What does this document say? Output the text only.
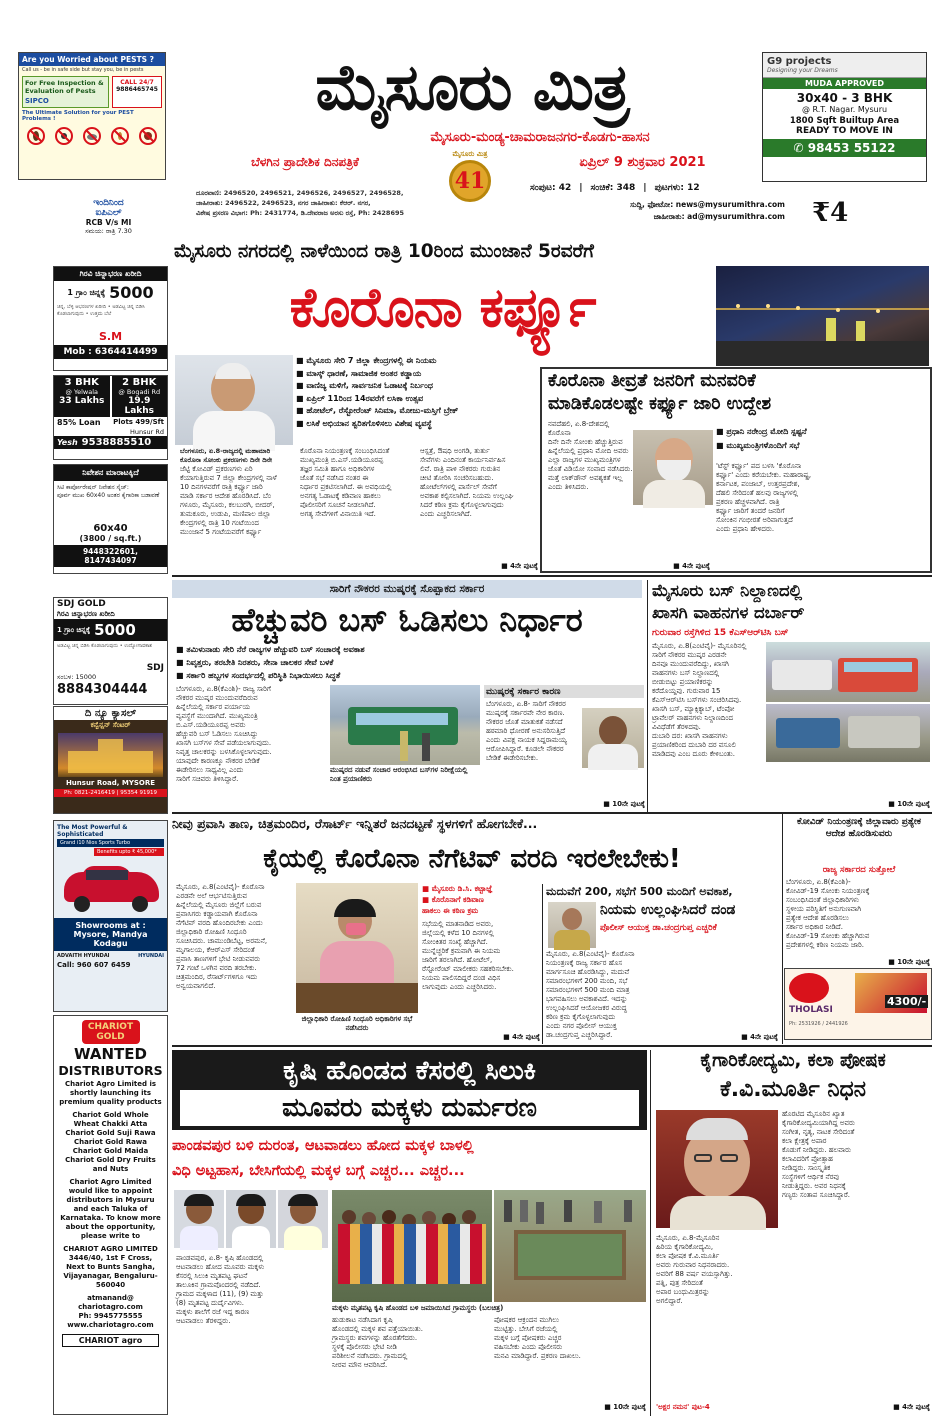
Are you Worried about PESTS ?
Call us - be in safe side but stay you, be in pests
For Free Inspection &
Evaluation of Pests
SIPCO
CALL 24/7
9886465745
The Ultimate Solution for your PEST Problems !	ಮೈಸೂರು ಮಿತ್ರ
ಮೈಸೂರು-ಮಂಡ್ಯ-ಚಾಮರಾಜನಗರ-ಕೊಡಗು-ಹಾಸನ
ಬೆಳಗಿನ ಪ್ರಾದೇಶಿಕ ದಿನಪತ್ರಿಕೆ	ಏಪ್ರಿಲ್ 9 ಶುಕ್ರವಾರ 2021
ಮೈಸೂರು ಮಿತ್ರ
41
G9 projects
Designing your Dreams
MUDA APPROVED
30x40 - 3 BHK
@ R.T. Nagar. Mysuru
1800 Sqft Builtup Area
READY TO MOVE IN
✆ 98453 55122
ದೂರವಾಣಿ: 2496520, 2496521, 2496526, 2496527, 2496528,
ಜಾಹೀರಾತು: 2496522, 2496523, ನಗರ ಜಾಹೀರಾತು: ಕೆಆರ್. ನಗರ,
ವಿಶೇಷ ಪ್ರಸರಣ ವಿಭಾಗ: Ph: 2431774, ಡಿ.ದೇವರಾಜ ಅರಸು ರಸ್ತೆ, Ph: 2428695
ಸಂಪುಟ: 42 | ಸಂಚಿಕೆ: 348 | ಪುಟಗಳು: 12
ಸುದ್ದಿ, ಫೋಟೋ: news@mysurumithra.com
ಜಾಹೀರಾತು: ad@mysurumithra.com ₹4
ಇಂದಿನಿಂದ
ಐಪಿಎಲ್
RCB V/s MI
ಸಮಯ: ರಾತ್ರಿ 7.30
ಗಿರವಿ ಚಿನ್ನಾಭರಣ ಖರೀದಿ
1 ಗ್ರಾಂ ಚಿನ್ನಕ್ಕೆ 5000
ಚಿನ್ನ, ಬೆಳ್ಳಿ ಆಭರಣಗಳ ಖರೀದಿ • ಅಡವಿಟ್ಟ ಚಿನ್ನ ಬಿಡಿಸಿ ಕೊಡಲಾಗುವುದು • ಉತ್ತಮ ಬೆಲೆ
S.M
Mob : 6364414499
3 BHK
@ Yelwala
33 Lakhs
2 BHK
@ Bogadi Rd
19.9 Lakhs
85% Loan Plots 499/Sft
Hunsur Rd
Yesh 9538885510
ನಿವೇಶನ ಮಾರಾಟಕ್ಕಿದೆ
ಸಿಟಿ ಕಾರ್ಪೋರೇಷನ್ ನಿವೇಶನ ಸೈಜ್:
ಪೂರ್ವ ಮುಖ 60x40 ಅಂತರ ಕೈಗಾರಿಕಾ ಬಡಾವಣೆ
60x40
(3800 / sq.ft.)
9448322601, 8147434097
SDJ GOLD
ಗಿರವಿ ಚಿನ್ನಾಭರಣ ಖರೀದಿ
1 ಗ್ರಾಂ ಚಿನ್ನಕ್ಕೆ 5000
ಅಡವಿಟ್ಟ ಚಿನ್ನ ಬಿಡಿಸಿ ಕೊಡಲಾಗುವುದು • ಉದ್ಯೋಗಾವಕಾಶ
SDJ
ಸಂಬಳ: 15000
8884304444
ದಿ ನ್ಯೂ ಕ್ಯಾಸಲ್
ಕನ್ವೆನ್ಷನ್ ಸೆಂಟರ್
Hunsur Road, MYSORE
Ph: 0821-2416419 | 95354 91919
The Most Powerful &
Sophisticated
Grand i10 Nios Sports Turbo
Benefits upto ₹ 45,000*
Showrooms at :
Mysore, Mandya
Kodagu
ADVAITH HYUNDAI	HYUNDAI
Call: 960 607 6459
CHARIOT
GOLD
WANTED
DISTRIBUTORS
Chariot Agro Limited is shortly launching its premium quality products
Chariot Gold Whole
Wheat Chakki Atta
Chariot Gold Suji Rawa
Chariot Gold Rawa
Chariot Gold Maida
Chariot Gold Dry Fruits
and Nuts
Chariot Agro Limited would like to appoint distributors in Mysuru and each Taluka of Karnataka. To know more about the opportunity, please write to
CHARIOT AGRO LIMITED
3446/40, 1st F Cross,
Next to Bunts Sangha,
Vijayanagar, Bengaluru-
560040
atmanand@
chariotagro.com
Ph: 9945775555
www.chariotagro.com
CHARIOT agro
ಮೈಸೂರು ನಗರದಲ್ಲಿ ನಾಳೆಯಿಂದ ರಾತ್ರಿ 10ರಿಂದ ಮುಂಜಾನೆ 5ರವರೆಗೆ
ಕೊರೊನಾ ಕರ್ಫ್ಯೂ
■ ಮೈಸೂರು ಸೇರಿ 7 ಜಿಲ್ಲಾ ಕೇಂದ್ರಗಳಲ್ಲಿ ಈ ನಿಯಮ
■ ಮಾಸ್ಕ್ ಧಾರಣೆ, ಸಾಮಾಜಿಕ ಅಂತರ ಕಡ್ಡಾಯ
■ ವಾಣಿಜ್ಯ ಮಳಿಗೆ, ಸಾರ್ವಜನಿಕ ಓಡಾಟಕ್ಕೆ ನಿರ್ಬಂಧ
■ ಏಪ್ರಿಲ್ 11ರಿಂದ 14ರವರೆಗೆ ಲಸಿಕಾ ಉತ್ಸವ
■ ಹೋಟೆಲ್, ರೆಸ್ಟೋರೆಂಟ್ ಸಿನಿಮಾ, ಮೋಜು-ಮಸ್ತಿಗೆ ಬ್ರೇಕ್
■ ಲಸಿಕೆ ಅಭಿಯಾನ ತ್ವರಿತಗೊಳಿಸಲು ವಿಶೇಷ ವ್ಯವಸ್ಥೆ
ಬೆಂಗಳೂರು, ಏ.8-ರಾಜ್ಯದಲ್ಲಿ ಮಹಾಮಾರಿ
ಕೊರೊನಾ ಸೋಂಕು ಪ್ರಕರಣಗಳು ದಿನೇ ದಿನೇ
ಜೆಟ್ಟಿ ಕೋವಿಡ್ ಪ್ರಕರಣಗಳು ಏರಿ
ಕೆಯಾಗುತ್ತಿರುವ 7 ಜಿಲ್ಲಾ ಕೇಂದ್ರಗಳಲ್ಲಿ ನಾಳೆ
10 ದಿನಗಳವರೆಗೆ ರಾತ್ರಿ ಕರ್ಫ್ಯೂ ಜಾರಿ
ಮಾಡಿ ಸರ್ಕಾರ ಆದೇಶ ಹೊರಡಿಸಿದೆ. ಬೆಂ
ಗಳೂರು, ಮೈಸೂರು, ಕಲಬುರಗಿ, ಬೀದರ್,
ತುಮಕೂರು, ಉಡುಪಿ, ಮಣಿಪಾಲ ಜಿಲ್ಲಾ
ಕೇಂದ್ರಗಳಲ್ಲಿ ರಾತ್ರಿ 10 ಗಂಟೆಯಿಂದ
ಮುಂಜಾನೆ 5 ಗಂಟೆಯವರೆಗೆ ಕರ್ಫ್ಯೂ
ಕೊರೊನಾ ನಿಯಂತ್ರಣಕ್ಕೆ ಸಂಬಂಧಿಸಿದಂತೆ
ಮುಖ್ಯಮಂತ್ರಿ ಬಿ.ಎಸ್.ಯಡಿಯೂರಪ್ಪ
ತಜ್ಞರ ಸಮಿತಿ ಹಾಗೂ ಅಧಿಕಾರಿಗಳ
ಜೊತೆ ಸಭೆ ನಡೆಸಿದ ನಂತರ ಈ
ನಿರ್ಧಾರ ಪ್ರಕಟಿಸಲಾಗಿದೆ. ಈ ಅವಧಿಯಲ್ಲಿ
ಅನಗತ್ಯ ಓಡಾಟಕ್ಕೆ ಕಡಿವಾಣ ಹಾಕಲು
ಪೊಲೀಸರಿಗೆ ಸೂಚನೆ ನೀಡಲಾಗಿದೆ.
ಅಗತ್ಯ ಸೇವೆಗಳಿಗೆ ವಿನಾಯಿತಿ ಇದೆ.
ಆಸ್ಪತ್ರೆ, ಔಷಧಿ ಅಂಗಡಿ, ತುರ್ತು
ಸೇವೆಗಳು ಎಂದಿನಂತೆ ಕಾರ್ಯನಿರ್ವಹಿಸ
ಲಿವೆ. ರಾತ್ರಿ ಪಾಳಿ ನೌಕರರು ಗುರುತಿನ
ಚೀಟಿ ತೋರಿಸಿ ಸಂಚರಿಸಬಹುದು.
ಹೋಟೆಲ್‌ಗಳಲ್ಲಿ ಪಾರ್ಸೆಲ್ ಸೇವೆಗೆ
ಅವಕಾಶ ಕಲ್ಪಿಸಲಾಗಿದೆ. ನಿಯಮ ಉಲ್ಲಂಘಿ
ಸಿದರೆ ಕಠಿಣ ಕ್ರಮ ಕೈಗೊಳ್ಳಲಾಗುವುದು
ಎಂದು ಎಚ್ಚರಿಸಲಾಗಿದೆ.
■ 4ನೇ ಪುಟಕ್ಕೆ
ಕೊರೊನಾ ತೀವ್ರತೆ ಜನರಿಗೆ ಮನವರಿಕೆ
ಮಾಡಿಕೊಡಲಷ್ಟೇ ಕರ್ಫ್ಯೂ ಜಾರಿ ಉದ್ದೇಶ
ನವದೆಹಲಿ, ಏ.8-ದೇಶದಲ್ಲಿ ಕೊರೊನಾ
ದಿನೇ ದಿನೇ ಸೋಂಕು ಹೆಚ್ಚುತ್ತಿರುವ
ಹಿನ್ನೆಲೆಯಲ್ಲಿ ಪ್ರಧಾನಿ ಮೋದಿ ಅವರು
ಎಲ್ಲಾ ರಾಜ್ಯಗಳ ಮುಖ್ಯಮಂತ್ರಿಗಳ
ಜೊತೆ ವಿಡಿಯೋ ಸಂವಾದ ನಡೆಸಿದರು.
ಮತ್ತೆ ಲಾಕ್‌ಡೌನ್ ಅವಶ್ಯಕತೆ ಇಲ್ಲ
ಎಂದು ತಿಳಿಸಿದರು.
■ ಪ್ರಧಾನಿ ನರೇಂದ್ರ ಮೋದಿ ಸ್ಪಷ್ಟನೆ
■ ಮುಖ್ಯಮಂತ್ರಿಗಳೊಂದಿಗೆ ಸಭೆ
'ಟೆಸ್ಟ್ ಕರ್ಫ್ಯೂ' ಪದ ಬಳಸಿ 'ಕೊರೊನಾ
ಕರ್ಫ್ಯೂ' ಎಂದು ಕರೆಯಬೇಕು. ಮಹಾರಾಷ್ಟ್ರ,
ಕರ್ನಾಟಕ, ಪಂಜಾಬ್, ಉತ್ತರಪ್ರದೇಶ,
ದೆಹಲಿ ಸೇರಿದಂತೆ ಹಲವು ರಾಜ್ಯಗಳಲ್ಲಿ
ಪ್ರಕರಣ ಹೆಚ್ಚಳವಾಗಿದೆ. ರಾತ್ರಿ
ಕರ್ಫ್ಯೂ ಜಾರಿಗೆ ತಂದರೆ ಜನರಿಗೆ
ಸೋಂಕಿನ ಗಂಭೀರತೆ ಅರಿವಾಗುತ್ತದೆ
ಎಂದು ಪ್ರಧಾನಿ ಹೇಳಿದರು.
■ 4ನೇ ಪುಟಕ್ಕೆ
ಸಾರಿಗೆ ನೌಕರರ ಮುಷ್ಕರಕ್ಕೆ ಸೊಪ್ಪಾಕದ ಸರ್ಕಾರ
ಹೆಚ್ಚುವರಿ ಬಸ್ ಓಡಿಸಲು ನಿರ್ಧಾರ
■ ತಮಿಳುನಾಡು ಸೇರಿ ನೆರೆ ರಾಜ್ಯಗಳ ಹೆಚ್ಚುವರಿ ಬಸ್ ಸಂಚಾರಕ್ಕೆ ಅವಕಾಶ
■ ನಿವೃತ್ತರು, ತರಬೇತಿ ನಿರತರು, ಸೇನಾ ಚಾಲಕರ ಸೇವೆ ಬಳಕೆ
■ ಸರ್ಕಾರಿ ಹಬ್ಬಗಳ ಸಂದರ್ಭದಲ್ಲಿ ಪರಿಸ್ಥಿತಿ ನಿಭಾಯಿಸಲು ಸಿದ್ಧತೆ
ಬೆಂಗಳೂರು, ಏ.8(ಕೆಎಂಶಿ)- ರಾಜ್ಯ ಸಾರಿಗೆ
ನೌಕರರ ಮುಷ್ಕರ ಮುಂದುವರೆದಿರುವ
ಹಿನ್ನೆಲೆಯಲ್ಲಿ ಸರ್ಕಾರ ಪರ್ಯಾಯ
ವ್ಯವಸ್ಥೆಗೆ ಮುಂದಾಗಿದೆ. ಮುಖ್ಯಮಂತ್ರಿ
ಬಿ.ಎಸ್.ಯಡಿಯೂರಪ್ಪ ಅವರು
ಹೆಚ್ಚುವರಿ ಬಸ್ ಓಡಿಸಲು ಸೂಚಿಸಿದ್ದು
ಖಾಸಗಿ ಬಸ್‌ಗಳ ಸೇವೆ ಪಡೆಯಲಾಗುವುದು.
ನಿವೃತ್ತ ಚಾಲಕರನ್ನು ಬಳಸಿಕೊಳ್ಳಲಾಗುವುದು.
ಯಾವುದೇ ಕಾರಣಕ್ಕೂ ನೌಕರರ ಬೇಡಿಕೆ
ಈಡೇರಿಸಲು ಸಾಧ್ಯವಿಲ್ಲ ಎಂದು
ಸಾರಿಗೆ ಸಚಿವರು ತಿಳಿಸಿದ್ದಾರೆ.
ಮುಷ್ಕರದ ನಡುವೆ ಸಂಚಾರ ಆರಂಭಿಸಿದ ಬಸ್‌ಗಳ ನಿರೀಕ್ಷೆಯಲ್ಲಿ ನಿಂತ ಪ್ರಯಾಣಿಕರು
ಮುಷ್ಕರಕ್ಕೆ ಸರ್ಕಾರ ಕಾರಣ
ಬೆಂಗಳೂರು, ಏ.8- ಸಾರಿಗೆ ನೌಕರರ
ಮುಷ್ಕರಕ್ಕೆ ಸರ್ಕಾರವೇ ನೇರ ಕಾರಣ.
ನೌಕರರ ಜೊತೆ ಮಾತುಕತೆ ನಡೆಸದೆ
ಹಠಮಾರಿ ಧೋರಣೆ ಅನುಸರಿಸುತ್ತಿದೆ
ಎಂದು ವಿಪಕ್ಷ ನಾಯಕ ಸಿದ್ದರಾಮಯ್ಯ
ಆರೋಪಿಸಿದ್ದಾರೆ. ಕೂಡಲೇ ನೌಕರರ
ಬೇಡಿಕೆ ಈಡೇರಿಸಬೇಕು.
■ 10ನೇ ಪುಟಕ್ಕೆ
ಮೈಸೂರು ಬಸ್ ನಿಲ್ದಾಣದಲ್ಲಿ
ಖಾಸಗಿ ವಾಹನಗಳ ದರ್ಬಾರ್
ಗುರುವಾರ ರಸ್ತೆಗಿಳಿದ 15 ಕೆಎಸ್‌ಆರ್‌ಟಿಸಿ ಬಸ್
ಮೈಸೂರು, ಏ.8(ಎಂಟಿವೈ)- ಮೈಸೂರಿನಲ್ಲಿ
ಸಾರಿಗೆ ನೌಕರರ ಮುಷ್ಕರ ಎರಡನೇ
ದಿನವೂ ಮುಂದುವರೆದಿದ್ದು, ಖಾಸಗಿ
ವಾಹನಗಳು ಬಸ್ ನಿಲ್ದಾಣದಲ್ಲಿ
ಬೀಡುಬಿಟ್ಟು ಪ್ರಯಾಣಿಕರನ್ನು
ಕರೆದೊಯ್ದವು. ಗುರುವಾರ 15
ಕೆಎಸ್‌ಆರ್‌ಟಿಸಿ ಬಸ್‌ಗಳು ಸಂಚರಿಸಿದವು.
ಖಾಸಗಿ ಬಸ್, ಮ್ಯಾಕ್ಸಿಕ್ಯಾಬ್, ಟೆಂಪೋ
ಟ್ರಾವೆಲರ್ ವಾಹನಗಳು ನಿಲ್ದಾಣದಿಂದ
ವಿವಿಧೆಡೆಗೆ ತೆರಳಿದವು.
ದುಬಾರಿ ದರ: ಖಾಸಗಿ ವಾಹನಗಳು
ಪ್ರಯಾಣಿಕರಿಂದ ದುಬಾರಿ ದರ ವಸೂಲಿ
ಮಾಡಿದವು ಎಂಬ ದೂರು ಕೇಳಿಬಂತು.
■ 10ನೇ ಪುಟಕ್ಕೆ
ನೀವು ಪ್ರವಾಸಿ ತಾಣ, ಚಿತ್ರಮಂದಿರ, ರೆಸಾರ್ಟ್ ಇನ್ನಿತರೆ ಜನದಟ್ಟಣೆ ಸ್ಥಳಗಳಿಗೆ ಹೋಗಬೇಕೆ...
ಕೈಯಲ್ಲಿ ಕೊರೊನಾ ನೆಗೆಟಿವ್ ವರದಿ ಇರಲೇಬೇಕು!
ಮೈಸೂರು, ಏ.8(ಎಂಟಿವೈ)- ಕೊರೊನಾ
ಎರಡನೇ ಅಲೆ ಆರ್ಭಟಿಸುತ್ತಿರುವ
ಹಿನ್ನೆಲೆಯಲ್ಲಿ ಮೈಸೂರು ಜಿಲ್ಲೆಗೆ ಬರುವ
ಪ್ರವಾಸಿಗರು ಕಡ್ಡಾಯವಾಗಿ ಕೊರೊನಾ
ನೆಗೆಟಿವ್ ವರದಿ ಹೊಂದಿರಬೇಕು ಎಂದು
ಜಿಲ್ಲಾಧಿಕಾರಿ ರೋಹಿಣಿ ಸಿಂಧೂರಿ
ಸೂಚಿಸಿದರು. ಚಾಮುಂಡಿಬೆಟ್ಟ, ಅರಮನೆ,
ಮೃಗಾಲಯ, ಕೆಆರ್‌ಎಸ್ ಸೇರಿದಂತೆ
ಪ್ರವಾಸಿ ತಾಣಗಳಿಗೆ ಭೇಟಿ ನೀಡುವವರು
72 ಗಂಟೆ ಒಳಗಿನ ವರದಿ ತರಬೇಕು.
ಚಿತ್ರಮಂದಿರ, ರೆಸಾರ್ಟ್‌ಗಳಿಗೂ ಇದು
ಅನ್ವಯವಾಗಲಿದೆ.
ಜಿಲ್ಲಾಧಿಕಾರಿ ರೋಹಿಣಿ ಸಿಂಧೂರಿ ಅಧಿಕಾರಿಗಳ ಸಭೆ ನಡೆಸಿದರು
■ ಮೈಸೂರು ಡಿ.ಸಿ. ಕಟ್ಟಾಜ್ಞೆ
■ ಕೊರೊನಾಗೆ ಕಡಿವಾಣ
ಹಾಕಲು ಈ ಕಠಿಣ ಕ್ರಮ
ಸಭೆಯಲ್ಲಿ ಮಾತನಾಡಿದ ಅವರು,
ಜಿಲ್ಲೆಯಲ್ಲಿ ಕಳೆದ 10 ದಿನಗಳಲ್ಲಿ
ಸೋಂಕಿತರ ಸಂಖ್ಯೆ ಹೆಚ್ಚಾಗಿದೆ.
ಮುನ್ನೆಚ್ಚರಿಕೆ ಕ್ರಮವಾಗಿ ಈ ನಿಯಮ
ಜಾರಿಗೆ ತರಲಾಗಿದೆ. ಹೋಟೆಲ್,
ರೆಸ್ಟೋರೆಂಟ್ ಮಾಲೀಕರು ಸಹಕರಿಸಬೇಕು.
ನಿಯಮ ಪಾಲಿಸದಿದ್ದರೆ ದಂಡ ವಿಧಿಸ
ಲಾಗುವುದು ಎಂದು ಎಚ್ಚರಿಸಿದರು.
■ 4ನೇ ಪುಟಕ್ಕೆ
ಮದುವೆಗೆ 200, ಸಭೆಗೆ 500 ಮಂದಿಗೆ ಅವಕಾಶ,
ನಿಯಮ ಉಲ್ಲಂಘಿಸಿದರೆ ದಂಡ
ಪೊಲೀಸ್ ಆಯುಕ್ತ ಡಾ.ಚಂದ್ರಗುಪ್ತ ಎಚ್ಚರಿಕೆ
ಮೈಸೂರು, ಏ.8(ಎಂಟಿವೈ)- ಕೊರೊನಾ
ನಿಯಂತ್ರಣಕ್ಕೆ ರಾಜ್ಯ ಸರ್ಕಾರ ಹೊಸ
ಮಾರ್ಗಸೂಚಿ ಹೊರಡಿಸಿದ್ದು, ಮದುವೆ
ಸಮಾರಂಭಗಳಿಗೆ 200 ಮಂದಿ, ಸಭೆ
ಸಮಾರಂಭಗಳಿಗೆ 500 ಮಂದಿ ಮಾತ್ರ
ಭಾಗವಹಿಸಲು ಅವಕಾಶವಿದೆ. ಇದನ್ನು
ಉಲ್ಲಂಘಿಸಿದರೆ ಆಯೋಜಕರ ವಿರುದ್ಧ
ಕಠಿಣ ಕ್ರಮ ಕೈಗೊಳ್ಳಲಾಗುವುದು
ಎಂದು ನಗರ ಪೊಲೀಸ್ ಆಯುಕ್ತ
ಡಾ.ಚಂದ್ರಗುಪ್ತ ಎಚ್ಚರಿಸಿದ್ದಾರೆ.	■ 4ನೇ ಪುಟಕ್ಕೆ
ಕೋವಿಡ್ ನಿಯಂತ್ರಣಕ್ಕೆ ಜಿಲ್ಲಾವಾರು ಪ್ರತ್ಯೇಕ ಆದೇಶ ಹೊರಡಿಸುವರು
ರಾಜ್ಯ ಸರ್ಕಾರದ ಸುತ್ತೋಲೆ
ಬೆಂಗಳೂರು, ಏ.8(ಕೆಎಂಶಿ)-
ಕೋವಿಡ್-19 ಸೋಂಕು ನಿಯಂತ್ರಣಕ್ಕೆ
ಸಂಬಂಧಿಸಿದಂತೆ ಜಿಲ್ಲಾಧಿಕಾರಿಗಳು
ಸ್ಥಳೀಯ ಪರಿಸ್ಥಿತಿಗೆ ಅನುಗುಣವಾಗಿ
ಪ್ರತ್ಯೇಕ ಆದೇಶ ಹೊರಡಿಸಲು
ಸರ್ಕಾರ ಅಧಿಕಾರ ನೀಡಿದೆ.
ಕೋವಿಡ್-19 ಸೋಂಕು ಹೆಚ್ಚಾಗಿರುವ
ಪ್ರದೇಶಗಳಲ್ಲಿ ಕಠಿಣ ನಿಯಮ ಜಾರಿ.
■ 10ನೇ ಪುಟಕ್ಕೆ
THOLASI
4300/-
Ph: 2531926 / 2441926
ಕೃಷಿ ಹೊಂಡದ ಕೆಸರಲ್ಲಿ ಸಿಲುಕಿ
ಮೂವರು ಮಕ್ಕಳು ದುರ್ಮರಣ
ಪಾಂಡವಪುರ ಬಳಿ ದುರಂತ, ಆಟವಾಡಲು ಹೋದ ಮಕ್ಕಳ ಬಾಳಲ್ಲಿ
ವಿಧಿ ಅಟ್ಟಹಾಸ, ಬೇಸಿಗೆಯಲ್ಲಿ ಮಕ್ಕಳ ಬಗ್ಗೆ ಎಚ್ಚರ... ಎಚ್ಚರ...
ಪಾಂಡವಪುರ, ಏ.8- ಕೃಷಿ ಹೊಂಡದಲ್ಲಿ
ಆಟವಾಡಲು ಹೋದ ಮೂವರು ಮಕ್ಕಳು
ಕೆಸರಲ್ಲಿ ಸಿಲುಕಿ ಮೃತಪಟ್ಟ ಘಟನೆ
ತಾಲೂಕಿನ ಗ್ರಾಮವೊಂದರಲ್ಲಿ ನಡೆದಿದೆ.
ಗ್ರಾಮದ ಮಕ್ಕಳಾದ (11), (9) ಮತ್ತು
(8) ಮೃತಪಟ್ಟ ದುರ್ದೈವಿಗಳು.
ಮಕ್ಕಳು ಶಾಲೆಗೆ ರಜೆ ಇದ್ದ ಕಾರಣ
ಆಟವಾಡಲು ತೆರಳಿದ್ದರು.
ಮಕ್ಕಳು ಮೃತಪಟ್ಟ ಕೃಷಿ ಹೊಂಡದ ಬಳಿ ಜಮಾಯಿಸಿದ ಗ್ರಾಮಸ್ಥರು (ಬಲಚಿತ್ರ)
ಹುಡುಕಾಟ ನಡೆಸಿದಾಗ ಕೃಷಿ
ಹೊಂಡದಲ್ಲಿ ಮಕ್ಕಳ ಶವ ಪತ್ತೆಯಾಯಿತು.
ಗ್ರಾಮಸ್ಥರು ಶವಗಳನ್ನು ಹೊರತೆಗೆದರು.
ಸ್ಥಳಕ್ಕೆ ಪೊಲೀಸರು ಭೇಟಿ ನೀಡಿ
ಪರಿಶೀಲನೆ ನಡೆಸಿದರು. ಗ್ರಾಮದಲ್ಲಿ
ನೀರವ ಮೌನ ಆವರಿಸಿದೆ.
ಪೋಷಕರ ಆಕ್ರಂದನ ಮುಗಿಲು
ಮುಟ್ಟಿತ್ತು. ಬೇಸಿಗೆ ರಜೆಯಲ್ಲಿ
ಮಕ್ಕಳ ಬಗ್ಗೆ ಪೋಷಕರು ಎಚ್ಚರ
ವಹಿಸಬೇಕು ಎಂದು ಪೊಲೀಸರು
ಮನವಿ ಮಾಡಿದ್ದಾರೆ. ಪ್ರಕರಣ ದಾಖಲು.
■ 10ನೇ ಪುಟಕ್ಕೆ
ಕೈಗಾರಿಕೋದ್ಯಮಿ, ಕಲಾ ಪೋಷಕ
ಕೆ.ವಿ.ಮೂರ್ತಿ ನಿಧನ
ಹೊರಟಿದ ಮೈಸೂರಿನ ಖ್ಯಾತ
ಕೈಗಾರಿಕೋದ್ಯಮಿಯಾಗಿದ್ದ ಅವರು
ಸಂಗೀತ, ನೃತ್ಯ, ನಾಟಕ ಸೇರಿದಂತೆ
ಕಲಾ ಕ್ಷೇತ್ರಕ್ಕೆ ಅಪಾರ
ಕೊಡುಗೆ ನೀಡಿದ್ದರು. ಹಲವಾರು
ಕಲಾವಿದರಿಗೆ ಪ್ರೋತ್ಸಾಹ
ನೀಡಿದ್ದರು. ಸಾಂಸ್ಕೃತಿಕ
ಸಂಸ್ಥೆಗಳಿಗೆ ಆರ್ಥಿಕ ನೆರವು
ನೀಡುತ್ತಿದ್ದರು. ಅವರ ನಿಧನಕ್ಕೆ
ಗಣ್ಯರು ಸಂತಾಪ ಸೂಚಿಸಿದ್ದಾರೆ.
ಮೈಸೂರು, ಏ.8-ಮೈಸೂರಿನ
ಹಿರಿಯ ಕೈಗಾರಿಕೋದ್ಯಮಿ,
ಕಲಾ ಪೋಷಕ ಕೆ.ವಿ.ಮೂರ್ತಿ
ಅವರು ಗುರುವಾರ ನಿಧನರಾದರು.
ಅವರಿಗೆ 88 ವರ್ಷ ವಯಸ್ಸಾಗಿತ್ತು.
ಪತ್ನಿ, ಪುತ್ರ ಸೇರಿದಂತೆ
ಅಪಾರ ಬಂಧುಮಿತ್ರರನ್ನು
ಅಗಲಿದ್ದಾರೆ.
'ಅಕ್ಷರ ನಮನ' ಪುಟ-4	■ 4ನೇ ಪುಟಕ್ಕೆ
